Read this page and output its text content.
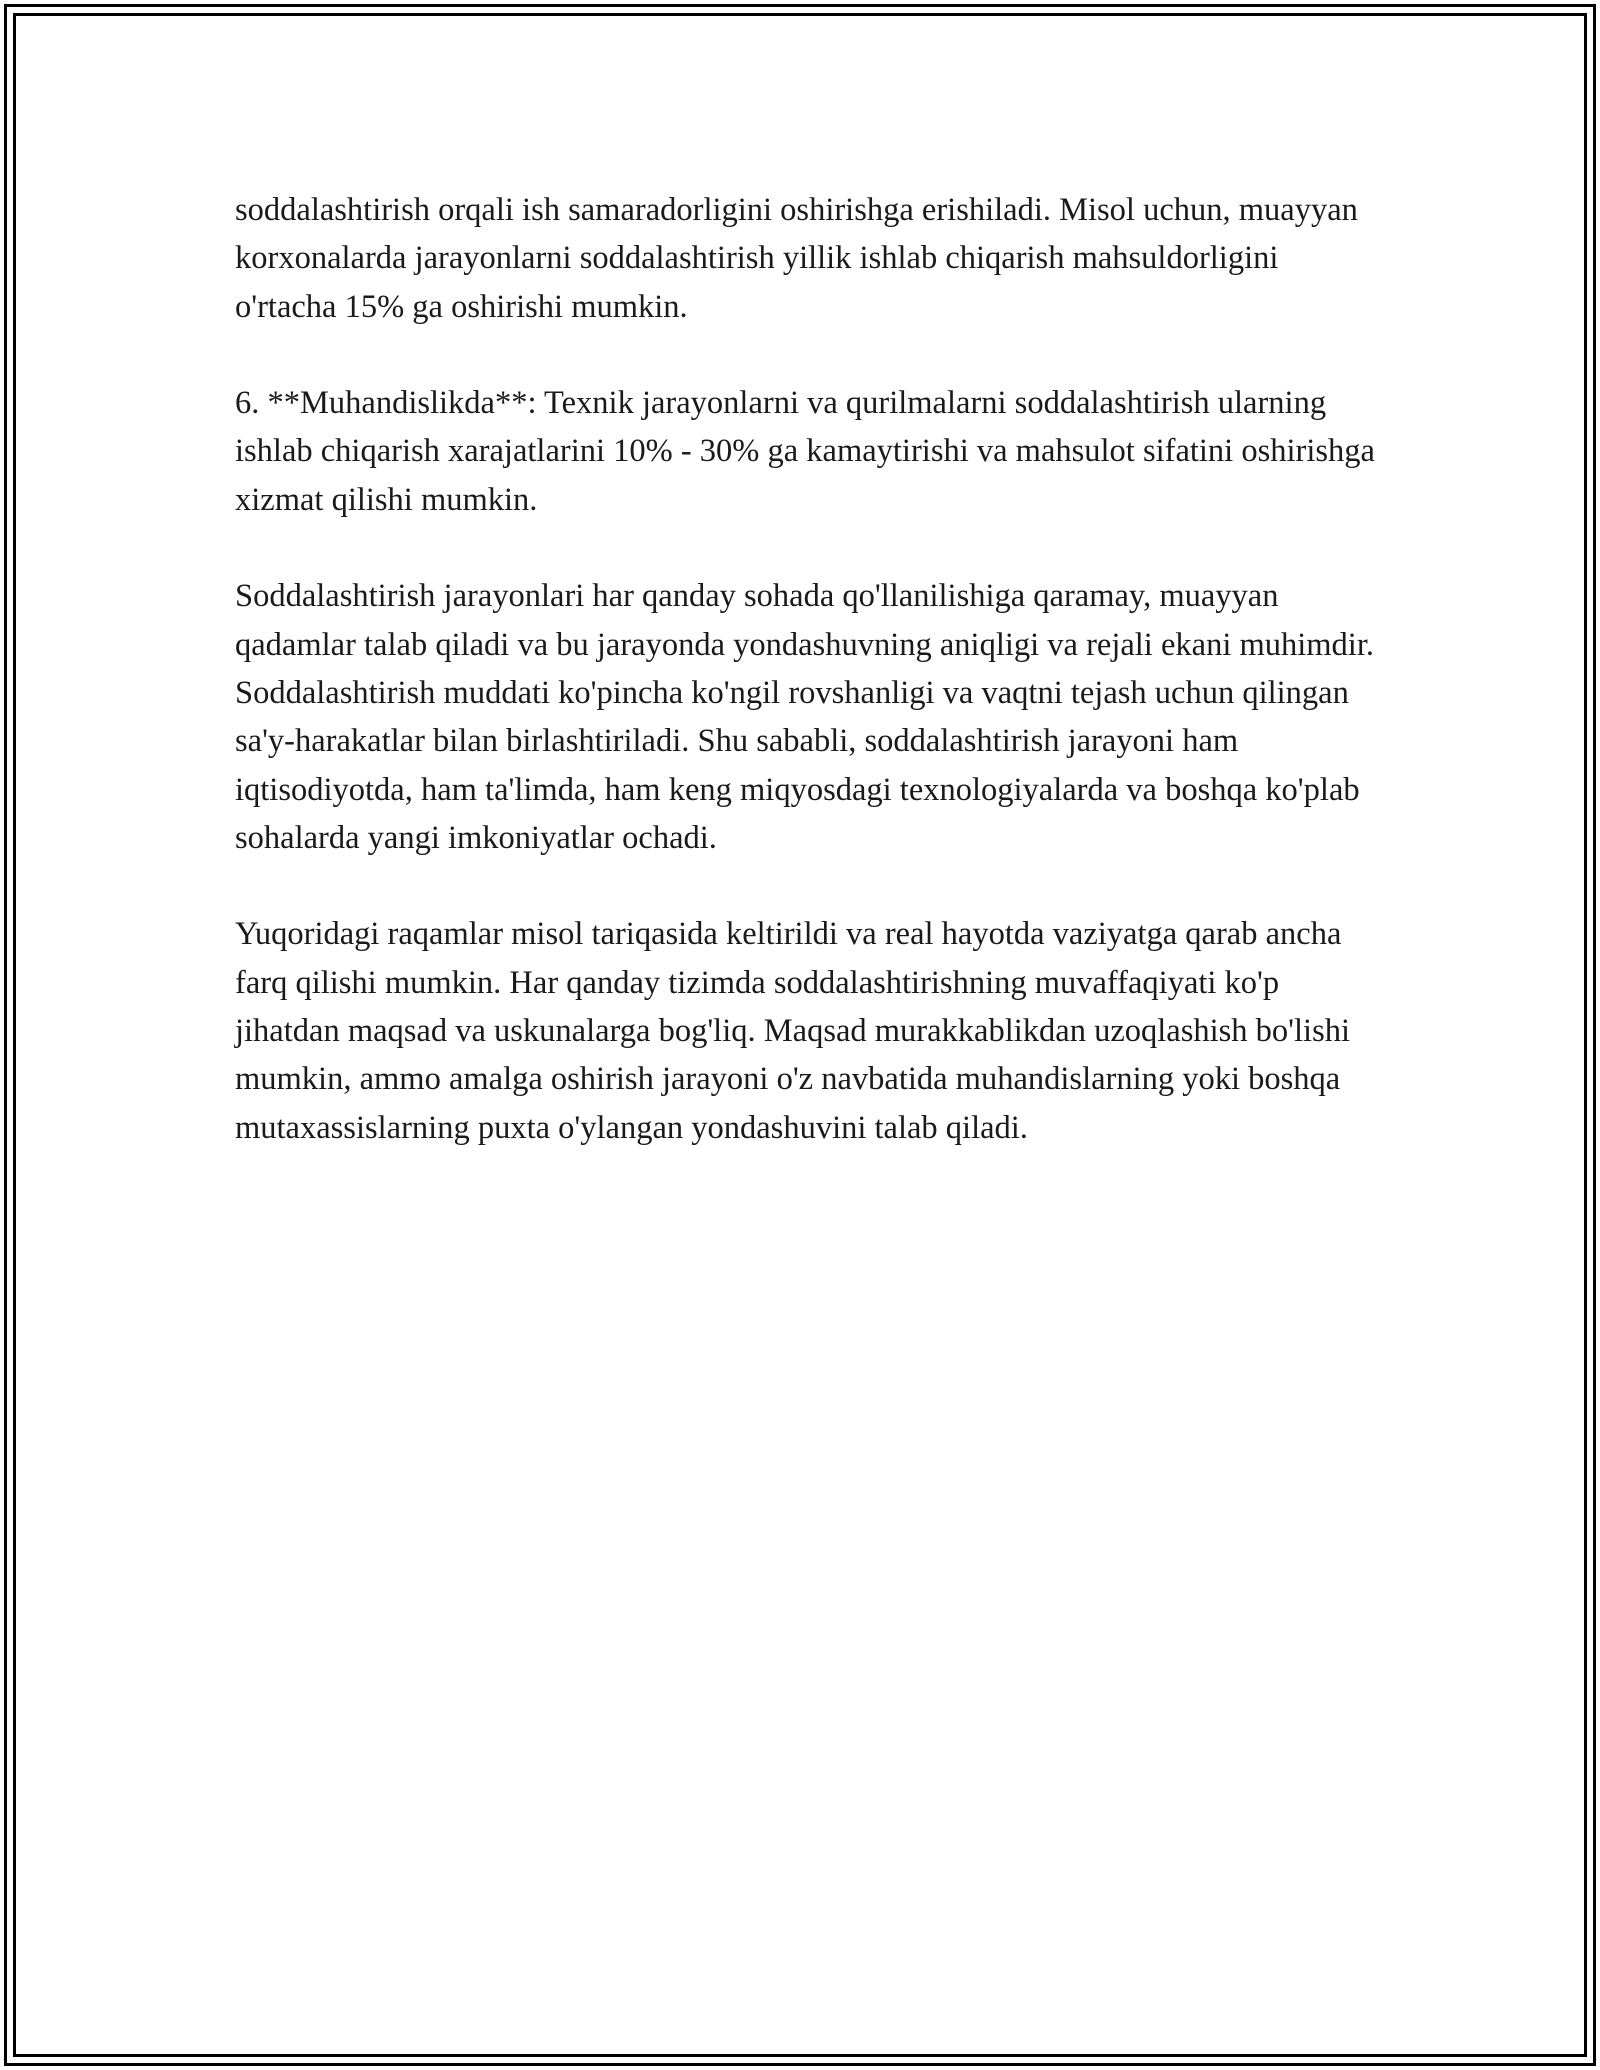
soddalashtirish orqali ish samaradorligini oshirishga erishiladi. Misol uchun, muayyan korxonalarda jarayonlarni soddalashtirish yillik ishlab chiqarish mahsuldorligini o'rtacha 15% ga oshirishi mumkin.

6. **Muhandislikda**: Texnik jarayonlarni va qurilmalarni soddalashtirish ularning ishlab chiqarish xarajatlarini 10% - 30% ga kamaytirishi va mahsulot sifatini oshirishga xizmat qilishi mumkin.

Soddalashtirish jarayonlari har qanday sohada qo'llanilishiga qaramay, muayyan qadamlar talab qiladi va bu jarayonda yondashuvning aniqligi va rejali ekani muhimdir. Soddalashtirish muddati ko'pincha ko'ngil rovshanligi va vaqtni tejash uchun qilingan sa'y-harakatlar bilan birlashtiriladi. Shu sababli, soddalashtirish jarayoni ham iqtisodiyotda, ham ta'limda, ham keng miqyosdagi texnologiyalarda va boshqa ko'plab sohalarda yangi imkoniyatlar ochadi.

Yuqoridagi raqamlar misol tariqasida keltirildi va real hayotda vaziyatga qarab ancha farq qilishi mumkin. Har qanday tizimda soddalashtirishning muvaffaqiyati ko'p jihatdan maqsad va uskunalarga bog'liq. Maqsad murakkablikdan uzoqlashish bo'lishi mumkin, ammo amalga oshirish jarayoni o'z navbatida muhandislarning yoki boshqa mutaxassislarning puxta o'ylangan yondashuvini talab qiladi.
